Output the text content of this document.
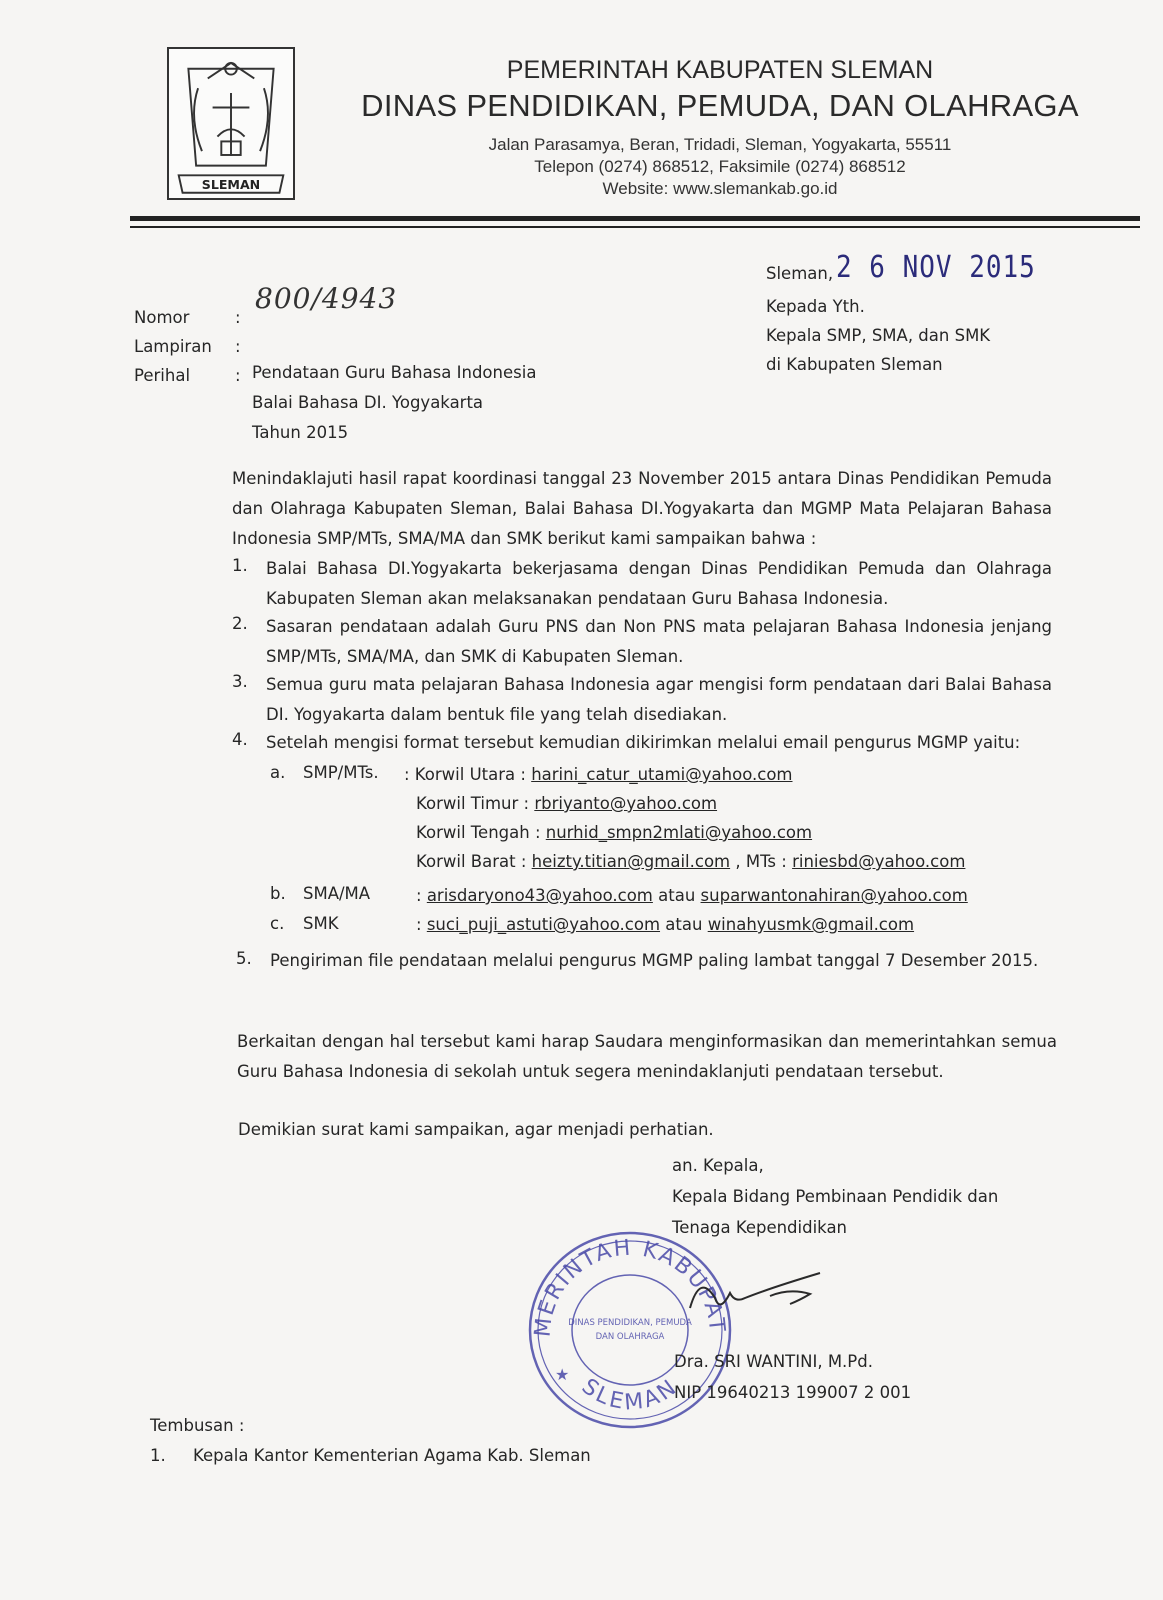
SLEMAN
PEMERINTAH KABUPATEN SLEMAN
DINAS PENDIDIKAN, PEMUDA, DAN OLAHRAGA
Jalan Parasamya, Beran, Tridadi, Sleman, Yogyakarta, 55511
Telepon (0274) 868512, Faksimile (0274) 868512
Website: www.slemankab.go.id
Sleman, 2 6 NOV 2015
Kepada Yth.
Kepala SMP, SMA, dan SMK
di Kabupaten Sleman
Nomor
Lampiran
Perihal
:
:
:
800/4943
Pendataan Guru Bahasa Indonesia
Balai Bahasa DI. Yogyakarta
Tahun 2015
Menindaklajuti hasil rapat koordinasi tanggal 23 November 2015 antara Dinas Pendidikan Pemuda dan Olahraga Kabupaten Sleman, Balai Bahasa DI.Yogyakarta dan MGMP Mata Pelajaran Bahasa Indonesia SMP/MTs, SMA/MA dan SMK berikut kami sampaikan bahwa :
1. Balai Bahasa DI.Yogyakarta bekerjasama dengan Dinas Pendidikan Pemuda dan Olahraga Kabupaten Sleman akan melaksanakan pendataan Guru Bahasa Indonesia.
2. Sasaran pendataan adalah Guru PNS dan Non PNS mata pelajaran Bahasa Indonesia jenjang SMP/MTs, SMA/MA, dan SMK di Kabupaten Sleman.
3. Semua guru mata pelajaran Bahasa Indonesia agar mengisi form pendataan dari Balai Bahasa DI. Yogyakarta dalam bentuk file yang telah disediakan.
4. Setelah mengisi format tersebut kemudian dikirimkan melalui email pengurus MGMP yaitu:
a. SMP/MTs. : Korwil Utara : harini_catur_utami@yahoo.com
Korwil Timur : rbriyanto@yahoo.com
Korwil Tengah : nurhid_smpn2mlati@yahoo.com
Korwil Barat : heizty.titian@gmail.com , MTs : riniesbd@yahoo.com
b. SMA/MA	: arisdaryono43@yahoo.com atau suparwantonahiran@yahoo.com
c. SMK	: suci_puji_astuti@yahoo.com atau winahyusmk@gmail.com
5. Pengiriman file pendataan melalui pengurus MGMP paling lambat tanggal 7 Desember 2015.
Berkaitan dengan hal tersebut kami harap Saudara menginformasikan dan memerintahkan semua Guru Bahasa Indonesia di sekolah untuk segera menindaklanjuti pendataan tersebut.
Demikian surat kami sampaikan, agar menjadi perhatian.
MERINTAH KABUPAT
SLEMAN
DINAS PENDIDIKAN, PEMUDA
DAN OLAHRAGA
★
an. Kepala,
Kepala Bidang Pembinaan Pendidik dan
Tenaga Kependidikan
Dra. SRI WANTINI, M.Pd.
NIP 19640213 199007 2 001
Tembusan :
1. Kepala Kantor Kementerian Agama Kab. Sleman
